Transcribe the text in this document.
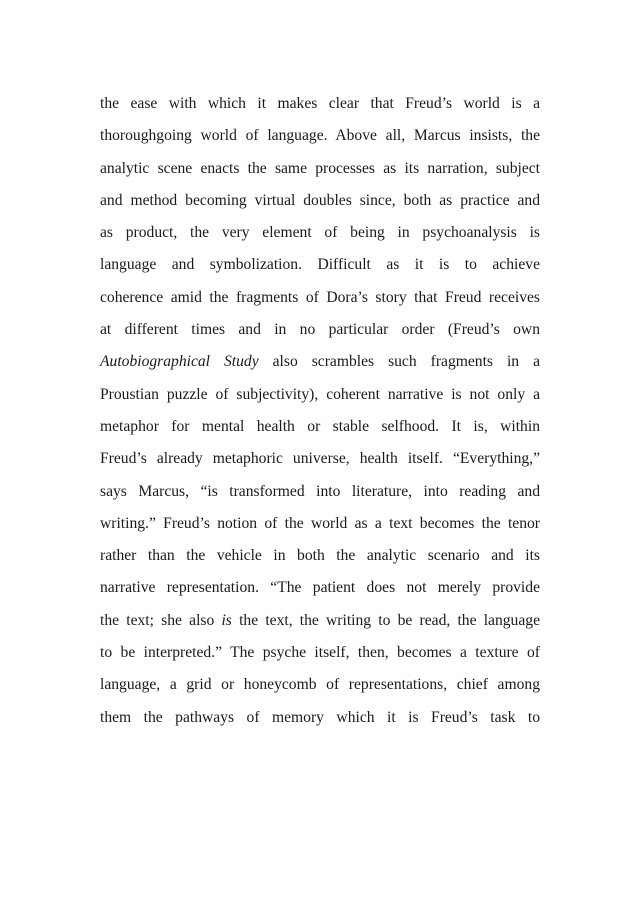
the ease with which it makes clear that Freud’s world is a
thoroughgoing world of language. Above all, Marcus insists, the
analytic scene enacts the same processes as its narration, subject
and method becoming virtual doubles since, both as practice and
as product, the very element of being in psychoanalysis is
language and symbolization. Difficult as it is to achieve
coherence amid the fragments of Dora’s story that Freud receives
at different times and in no particular order (Freud’s own
Autobiographical Study also scrambles such fragments in a
Proustian puzzle of subjectivity), coherent narrative is not only a
metaphor for mental health or stable selfhood. It is, within
Freud’s already metaphoric universe, health itself. “Everything,”
says Marcus, “is transformed into literature, into reading and
writing.” Freud’s notion of the world as a text becomes the tenor
rather than the vehicle in both the analytic scenario and its
narrative representation. “The patient does not merely provide
the text; she also is the text, the writing to be read, the language
to be interpreted.” The psyche itself, then, becomes a texture of
language, a grid or honeycomb of representations, chief among
them the pathways of memory which it is Freud’s task to
